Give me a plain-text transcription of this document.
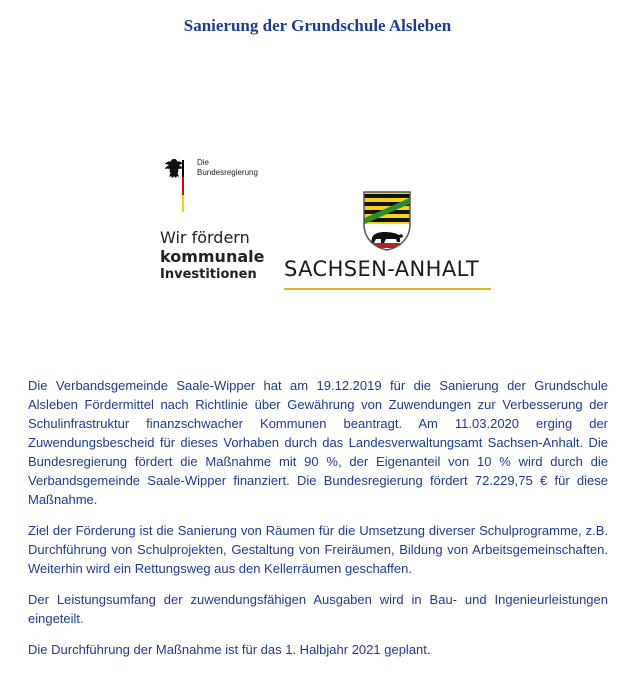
Sanierung der Grundschule Alsleben
Die
Bundesregierung
Wir fördern
kommunale
Investitionen SACHSEN-ANHALT

Die Verbandsgemeinde Saale-Wipper hat am 19.12.2019 für die Sanierung der Grundschule Alsleben Fördermittel nach Richtlinie über Gewährung von Zuwendungen zur Verbesserung der Schulinfrastruktur finanzschwacher Kommunen beantragt. Am 11.03.2020 erging der Zuwendungsbescheid für dieses Vorhaben durch das Landesverwaltungsamt Sachsen-Anhalt. Die Bundesregierung fördert die Maßnahme mit 90 %, der Eigenanteil von 10 % wird durch die Verbandsgemeinde Saale-Wipper finanziert. Die Bundesregierung fördert 72.229,75 € für diese Maßnahme.

Ziel der Förderung ist die Sanierung von Räumen für die Umsetzung diverser Schulprogramme, z.B. Durchführung von Schulprojekten, Gestaltung von Freiräumen, Bildung von Arbeitsgemeinschaften. Weiterhin wird ein Rettungsweg aus den Kellerräumen geschaffen.

Der Leistungsumfang der zuwendungsfähigen Ausgaben wird in Bau- und Ingenieurleistungen eingeteilt.

Die Durchführung der Maßnahme ist für das 1. Halbjahr 2021 geplant.
